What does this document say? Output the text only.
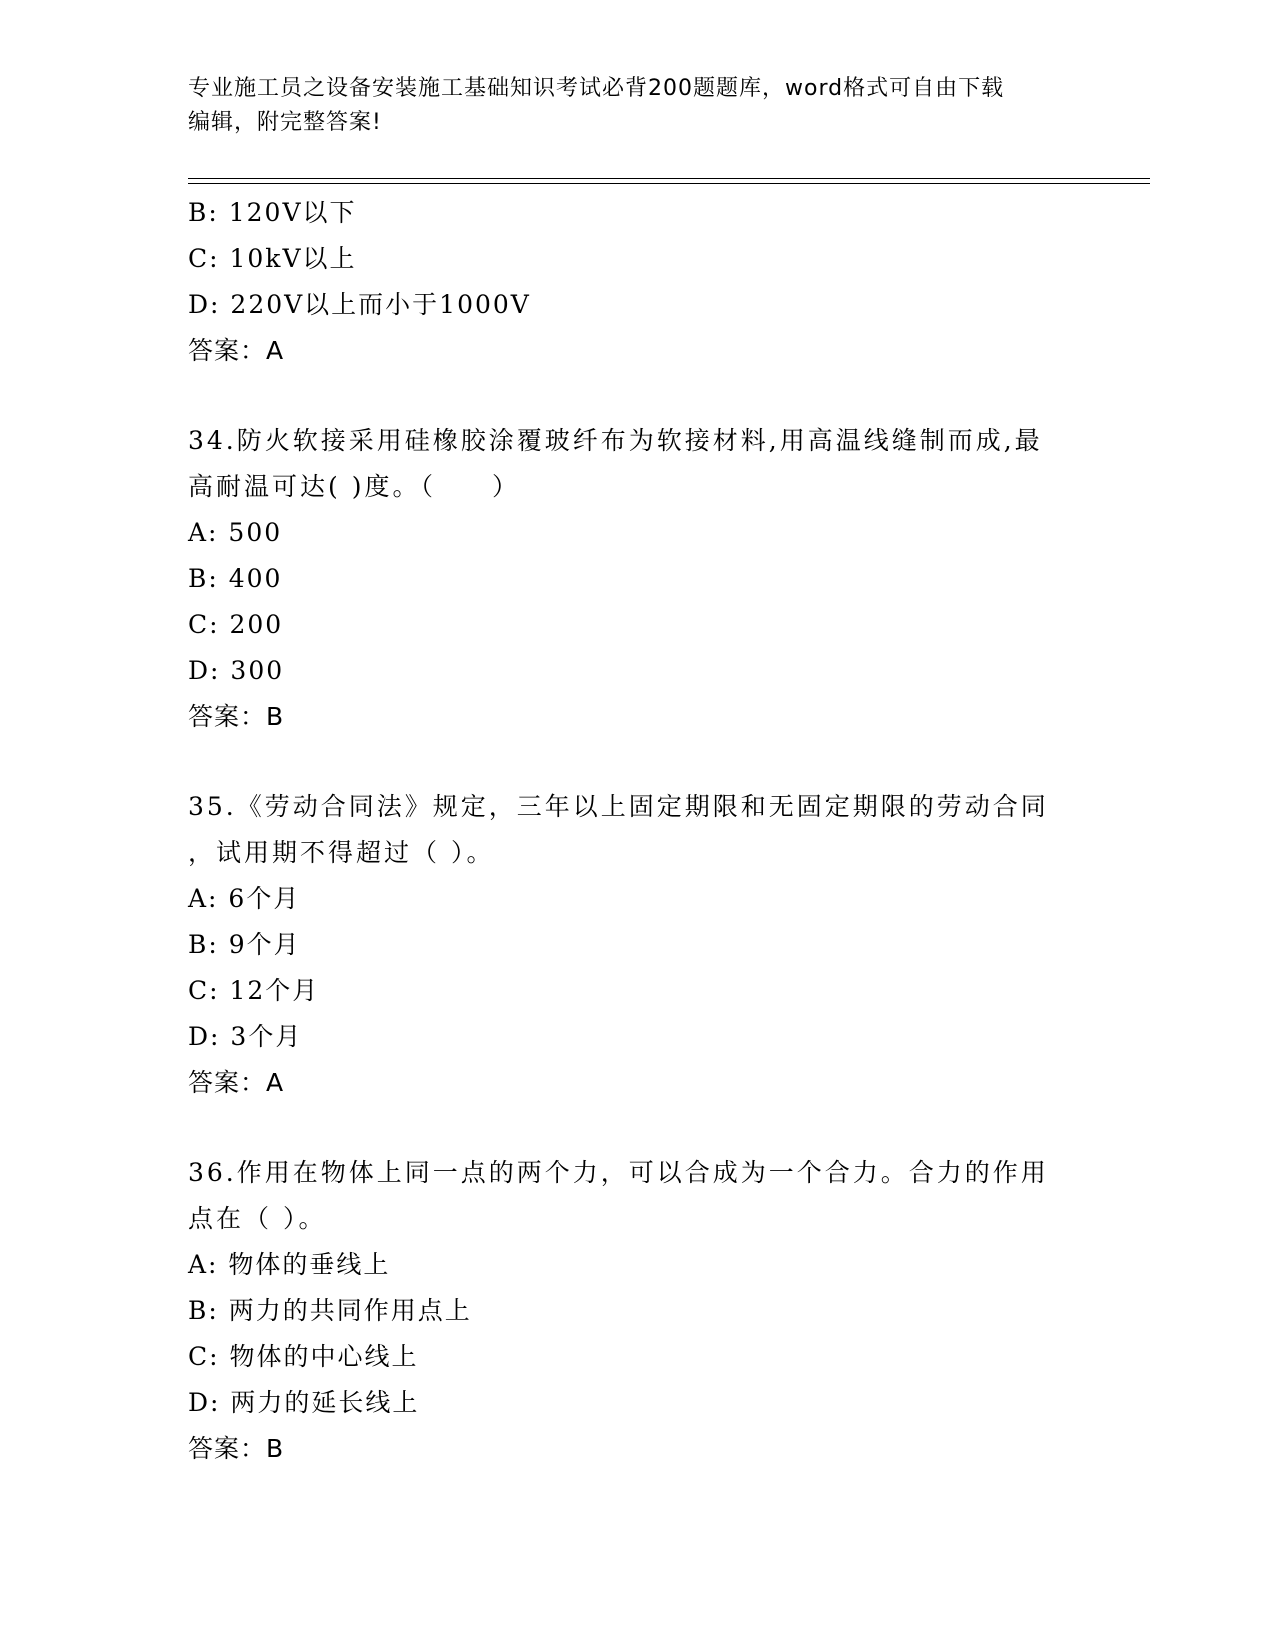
专业施工员之设备安装施工基础知识考试必背200题题库，word格式可自由下载
编辑，附完整答案!
B: 120V以下
C: 10kV以上
D: 220V以上而小于1000V
答案：A
34.防火软接采用硅橡胶涂覆玻纤布为软接材料,用高温线缝制而成,最
高耐温可达( )度。（　　）
A: 500
B: 400
C: 200
D: 300
答案：B
35.《劳动合同法》规定，三年以上固定期限和无固定期限的劳动合同
，试用期不得超过（ ）。
A: 6个月
B: 9个月
C: 12个月
D: 3个月
答案：A
36.作用在物体上同一点的两个力，可以合成为一个合力。合力的作用
点在（ ）。
A: 物体的垂线上
B: 两力的共同作用点上
C: 物体的中心线上
D: 两力的延长线上
答案：B
